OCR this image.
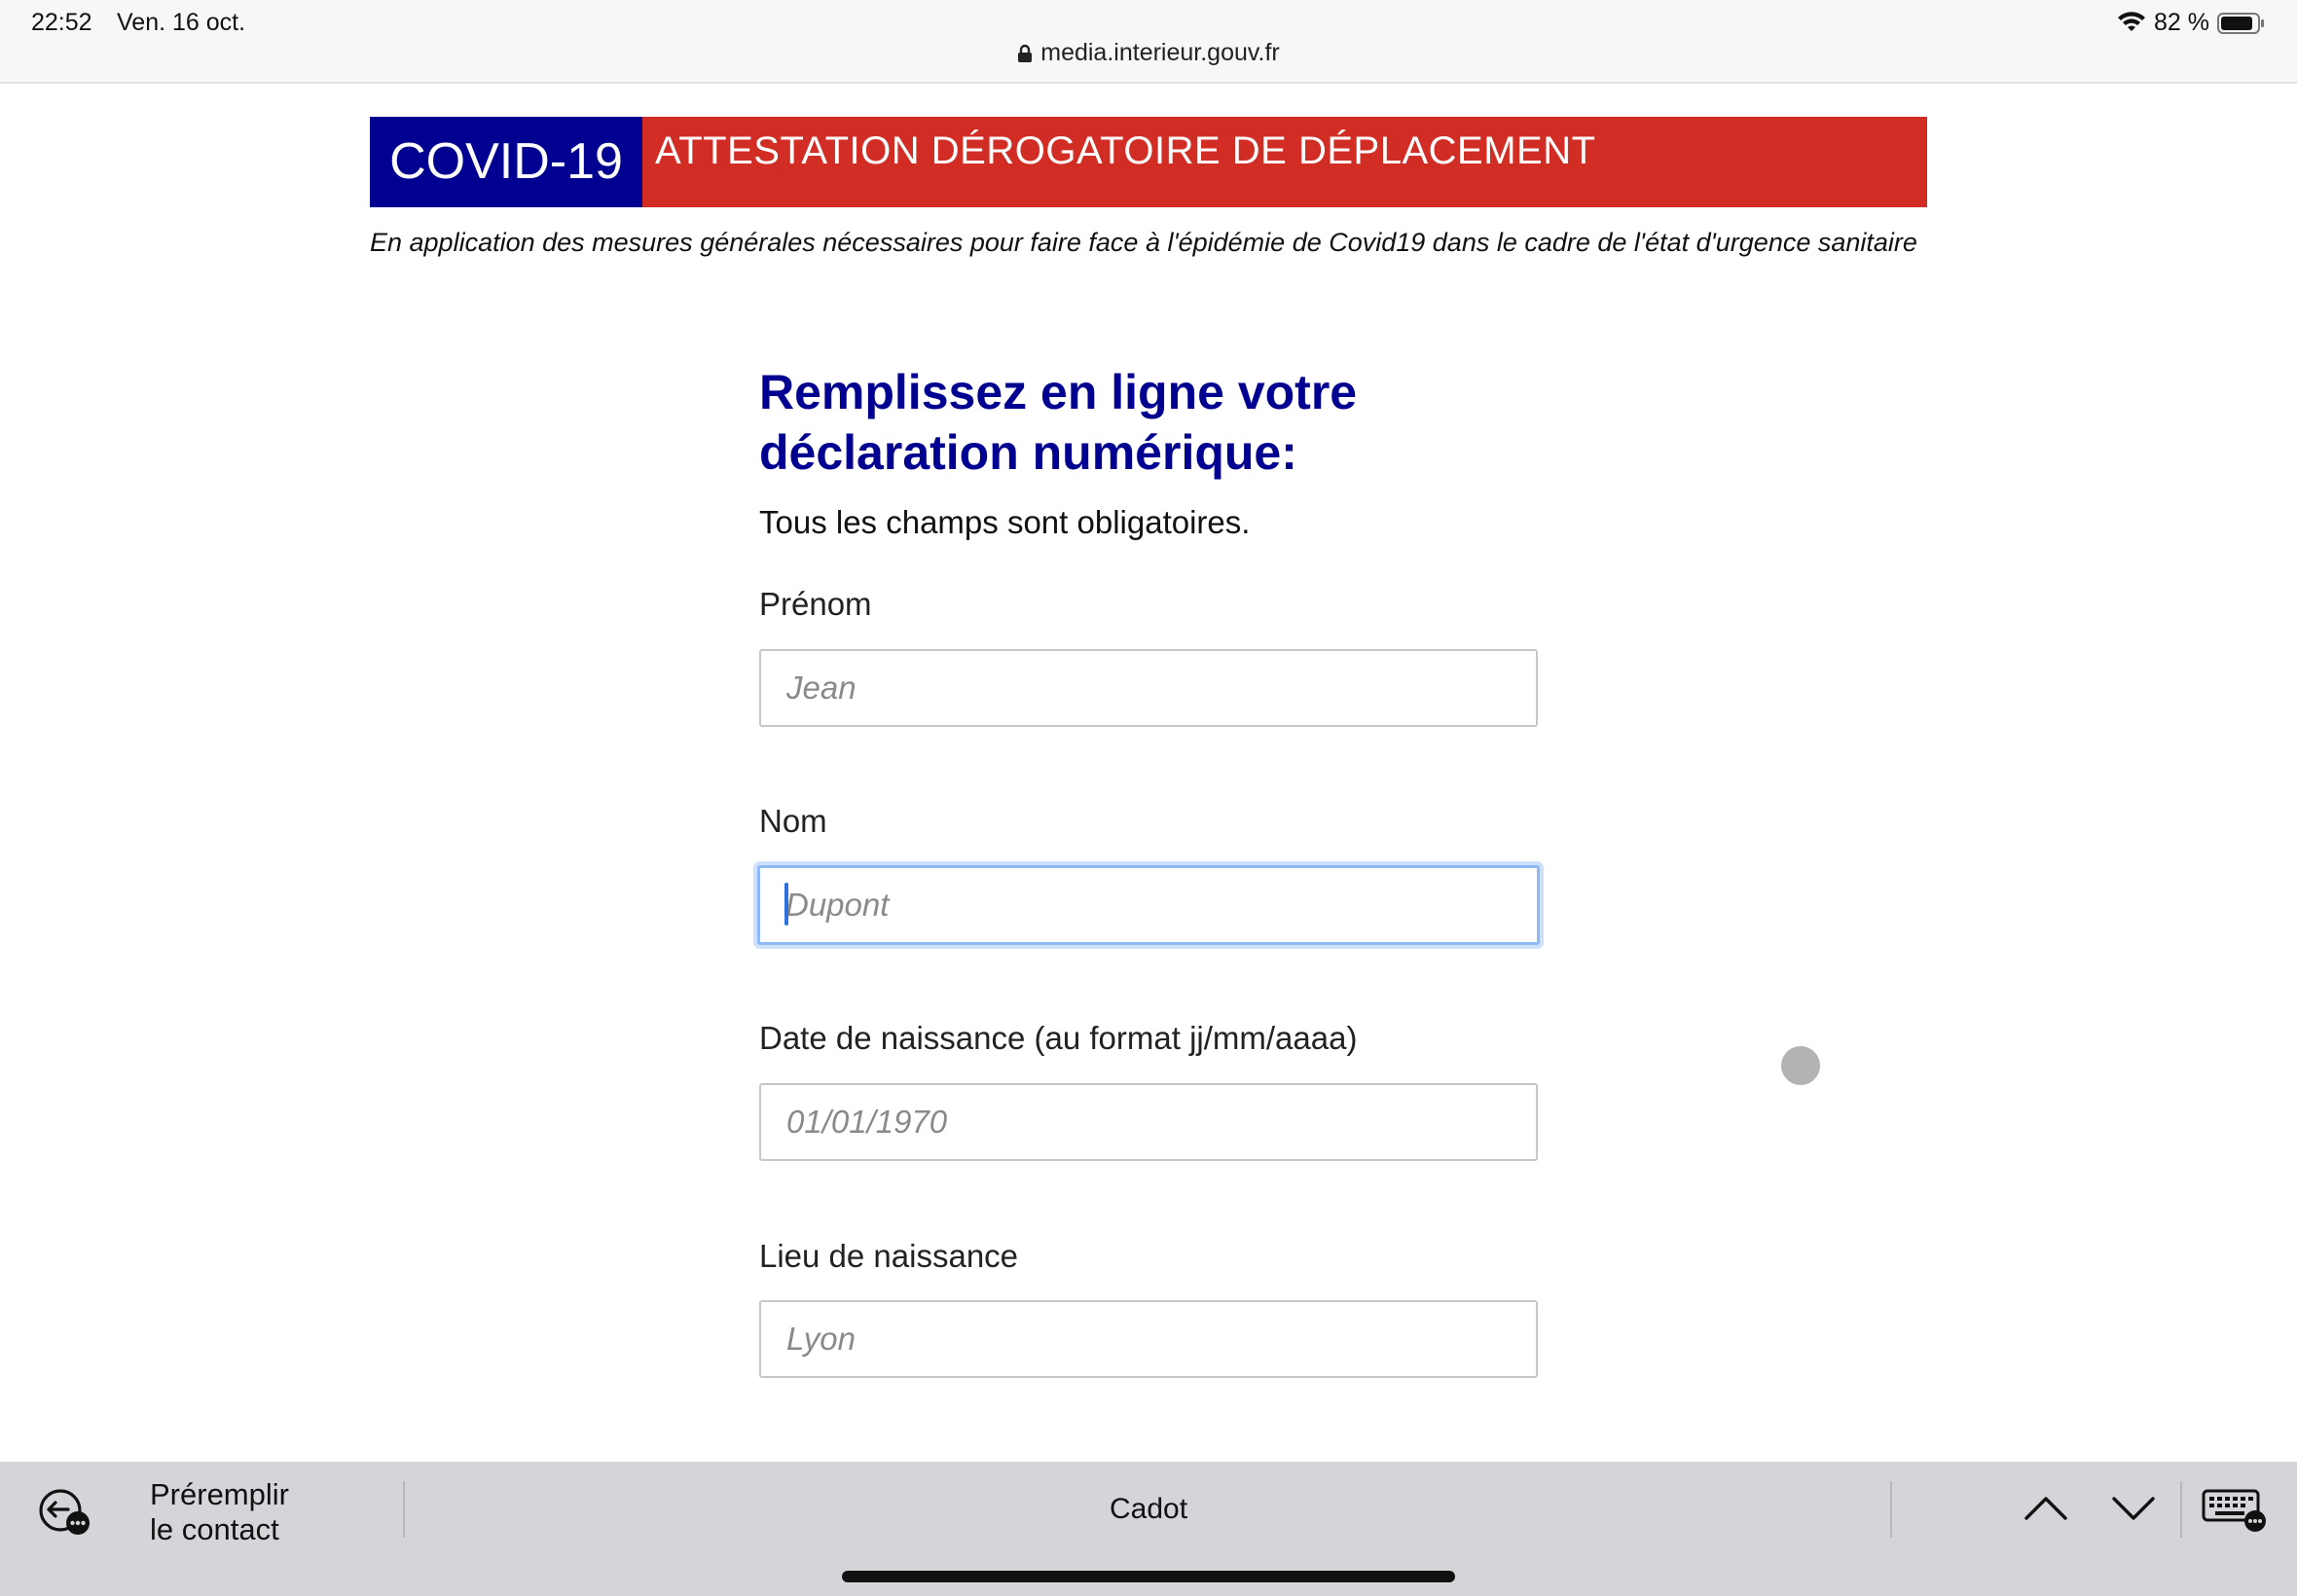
22:52 Ven. 16 oct.	82 %
media.interieur.gouv.fr
COVID-19 ATTESTATION DÉROGATOIRE DE DÉPLACEMENT

En application des mesures générales nécessaires pour faire face à l'épidémie de Covid19 dans le cadre de l'état d'urgence sanitaire

Remplissez en ligne votre déclaration numérique:

Tous les champs sont obligatoires.

Prénom
Jean
Nom
Dupont
Date de naissance (au format jj/mm/aaaa)
01/01/1970
Lieu de naissance
Lyon
Préremplir
le contact
Cadot
